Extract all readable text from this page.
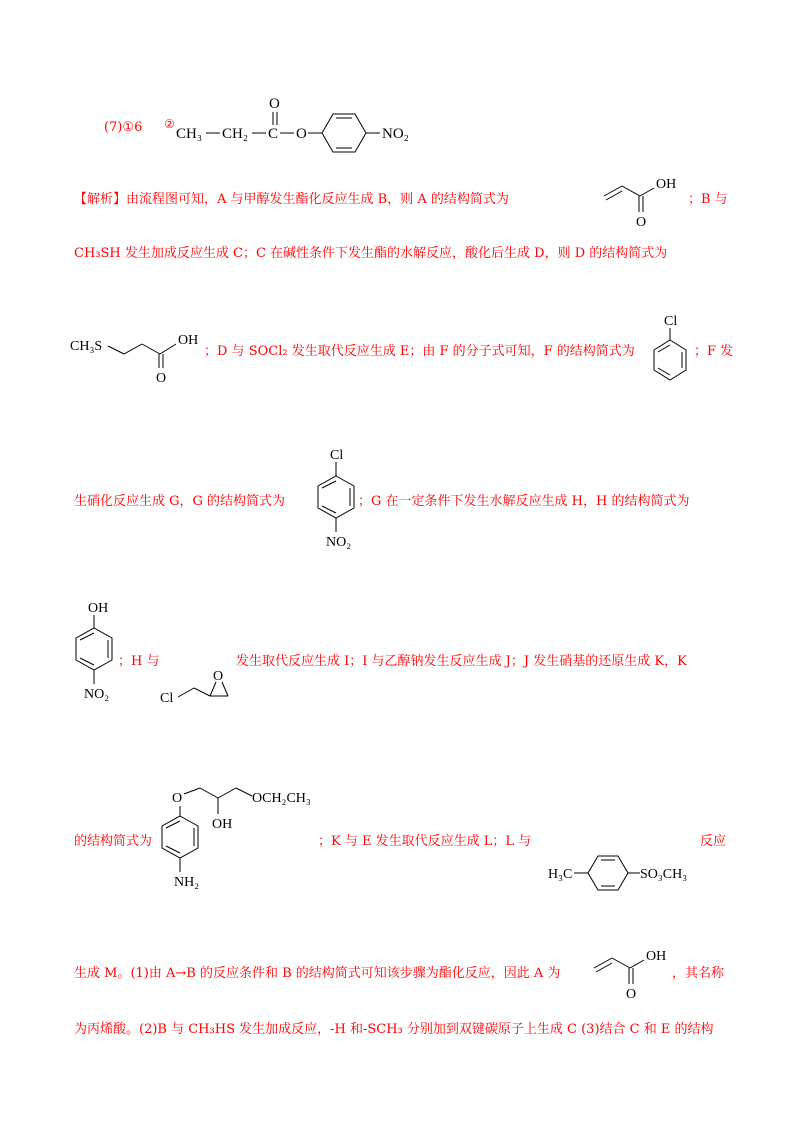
(7)①6 ②
CH₃ CH₂ C
O
O	NO₂
【解析】由流程图可知，A 与甲醇发生酯化反应生成 B，则 A 的结构简式为
OH
O
；B 与
CH₃SH 发生加成反应生成 C；C 在碱性条件下发生酯的水解反应，酸化后生成 D，则 D 的结构简式为
CH₃S	OH
O
；D 与 SOCl₂ 发生取代反应生成 E；由 F 的分子式可知，F 的结构简式为
Cl
；F 发
生硝化反应生成 G，G 的结构简式为
Cl
NO₂
；G 在一定条件下发生水解反应生成 H，H 的结构简式为
OH
NO₂
；H 与
Cl
O
发生取代反应生成 I；I 与乙醇钠发生反应生成 J；J 发生硝基的还原生成 K，K
的结构简式为
O	OCH₂CH₃
OH
NH₂
；K 与 E 发生取代反应生成 L；L 与
H₃C	SO₃CH₃
反应
生成 M。(1)由 A→B 的反应条件和 B 的结构简式可知该步骤为酯化反应，因此 A 为
OH
O
，其名称
为丙烯酸。(2)B 与 CH₃HS 发生加成反应，-H 和-SCH₃ 分别加到双键碳原子上生成 C (3)结合 C 和 E 的结构
